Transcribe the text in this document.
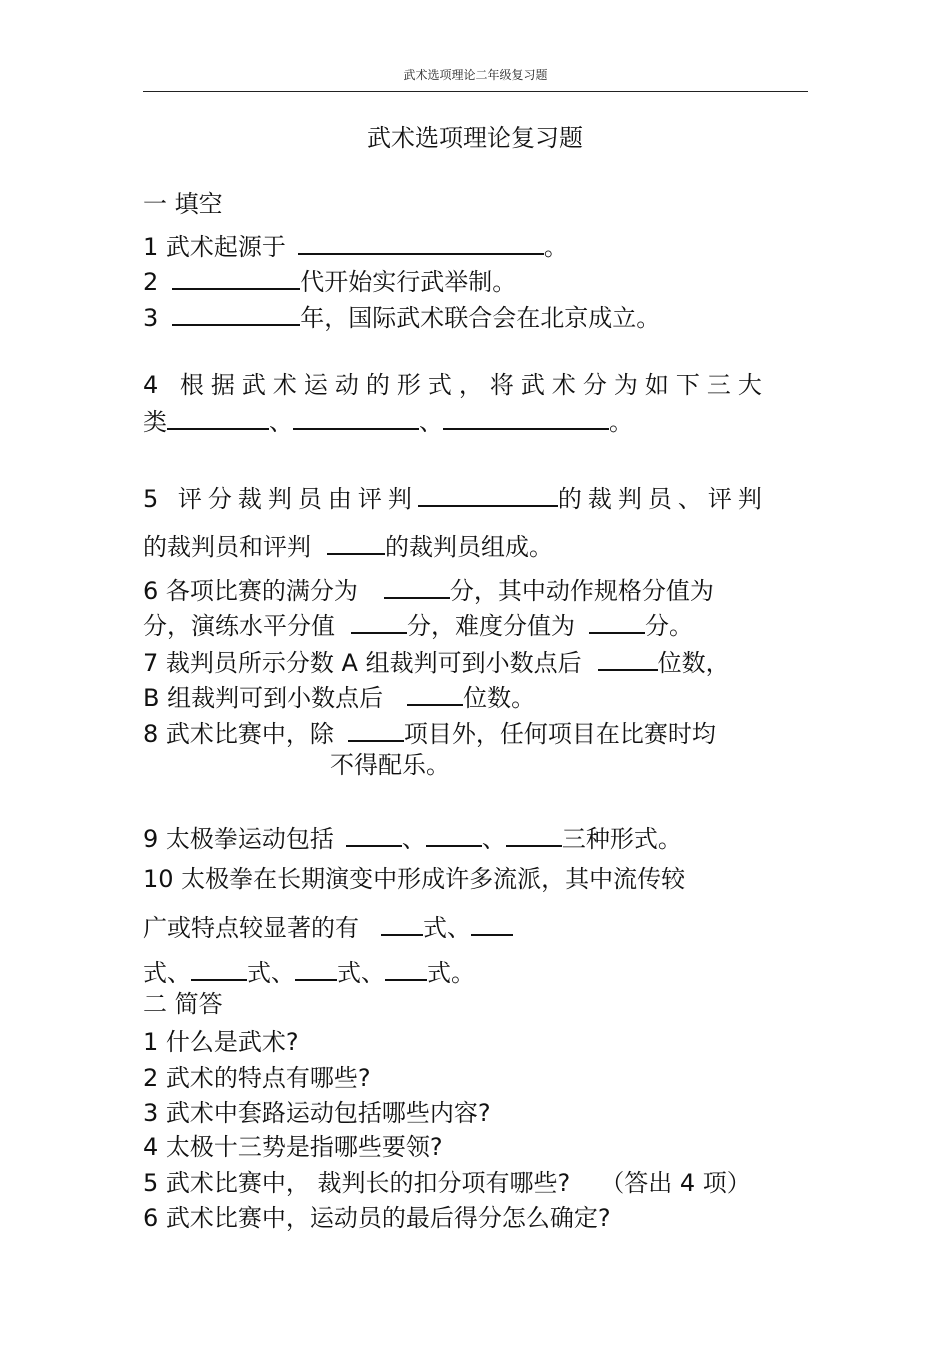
武术选项理论二年级复习题
武术选项理论复习题
一 填空
1 武术起源于	。
2	代开始实行武举制。
3	年，国际武术联合会在北京成立。
4 根据武术运动的形式，将武术分为如下三大
类	、	、	。
5 评分裁判员由评判	的裁判员、评判
的裁判员和评判	的裁判员组成。
6 各项比赛的满分为	分，其中动作规格分值为
分，演练水平分值	分，难度分值为	分。
7 裁判员所示分数 A 组裁判可到小数点后	位数，
B 组裁判可到小数点后	位数。
8 武术比赛中，除	项目外，任何项目在比赛时均
不得配乐。
9 太极拳运动包括	、 、 三种形式。
10 太极拳在长期演变中形成许多流派，其中流传较
广或特点较显著的有	式、
式、 式、 式、 式。
二 简答
1 什么是武术?
2 武术的特点有哪些?
3 武术中套路运动包括哪些内容?
4 太极十三势是指哪些要领?
5 武术比赛中， 裁判长的扣分项有哪些? （答出 4 项）
6 武术比赛中，运动员的最后得分怎么确定?
